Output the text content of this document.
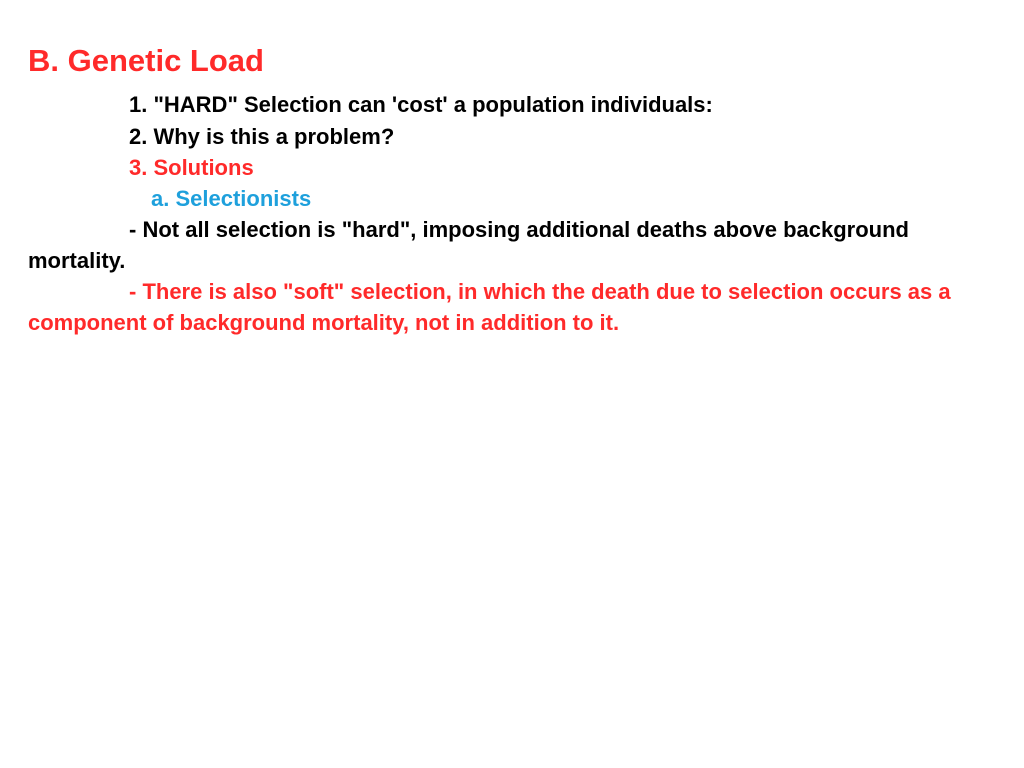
B. Genetic Load
1. "HARD" Selection can 'cost' a population individuals:
2. Why is this a problem?
3. Solutions
a. Selectionists
- Not all selection is "hard", imposing additional deaths above background mortality.
- There is also "soft" selection, in which the death due to selection occurs as a component of background mortality, not in addition to it.
